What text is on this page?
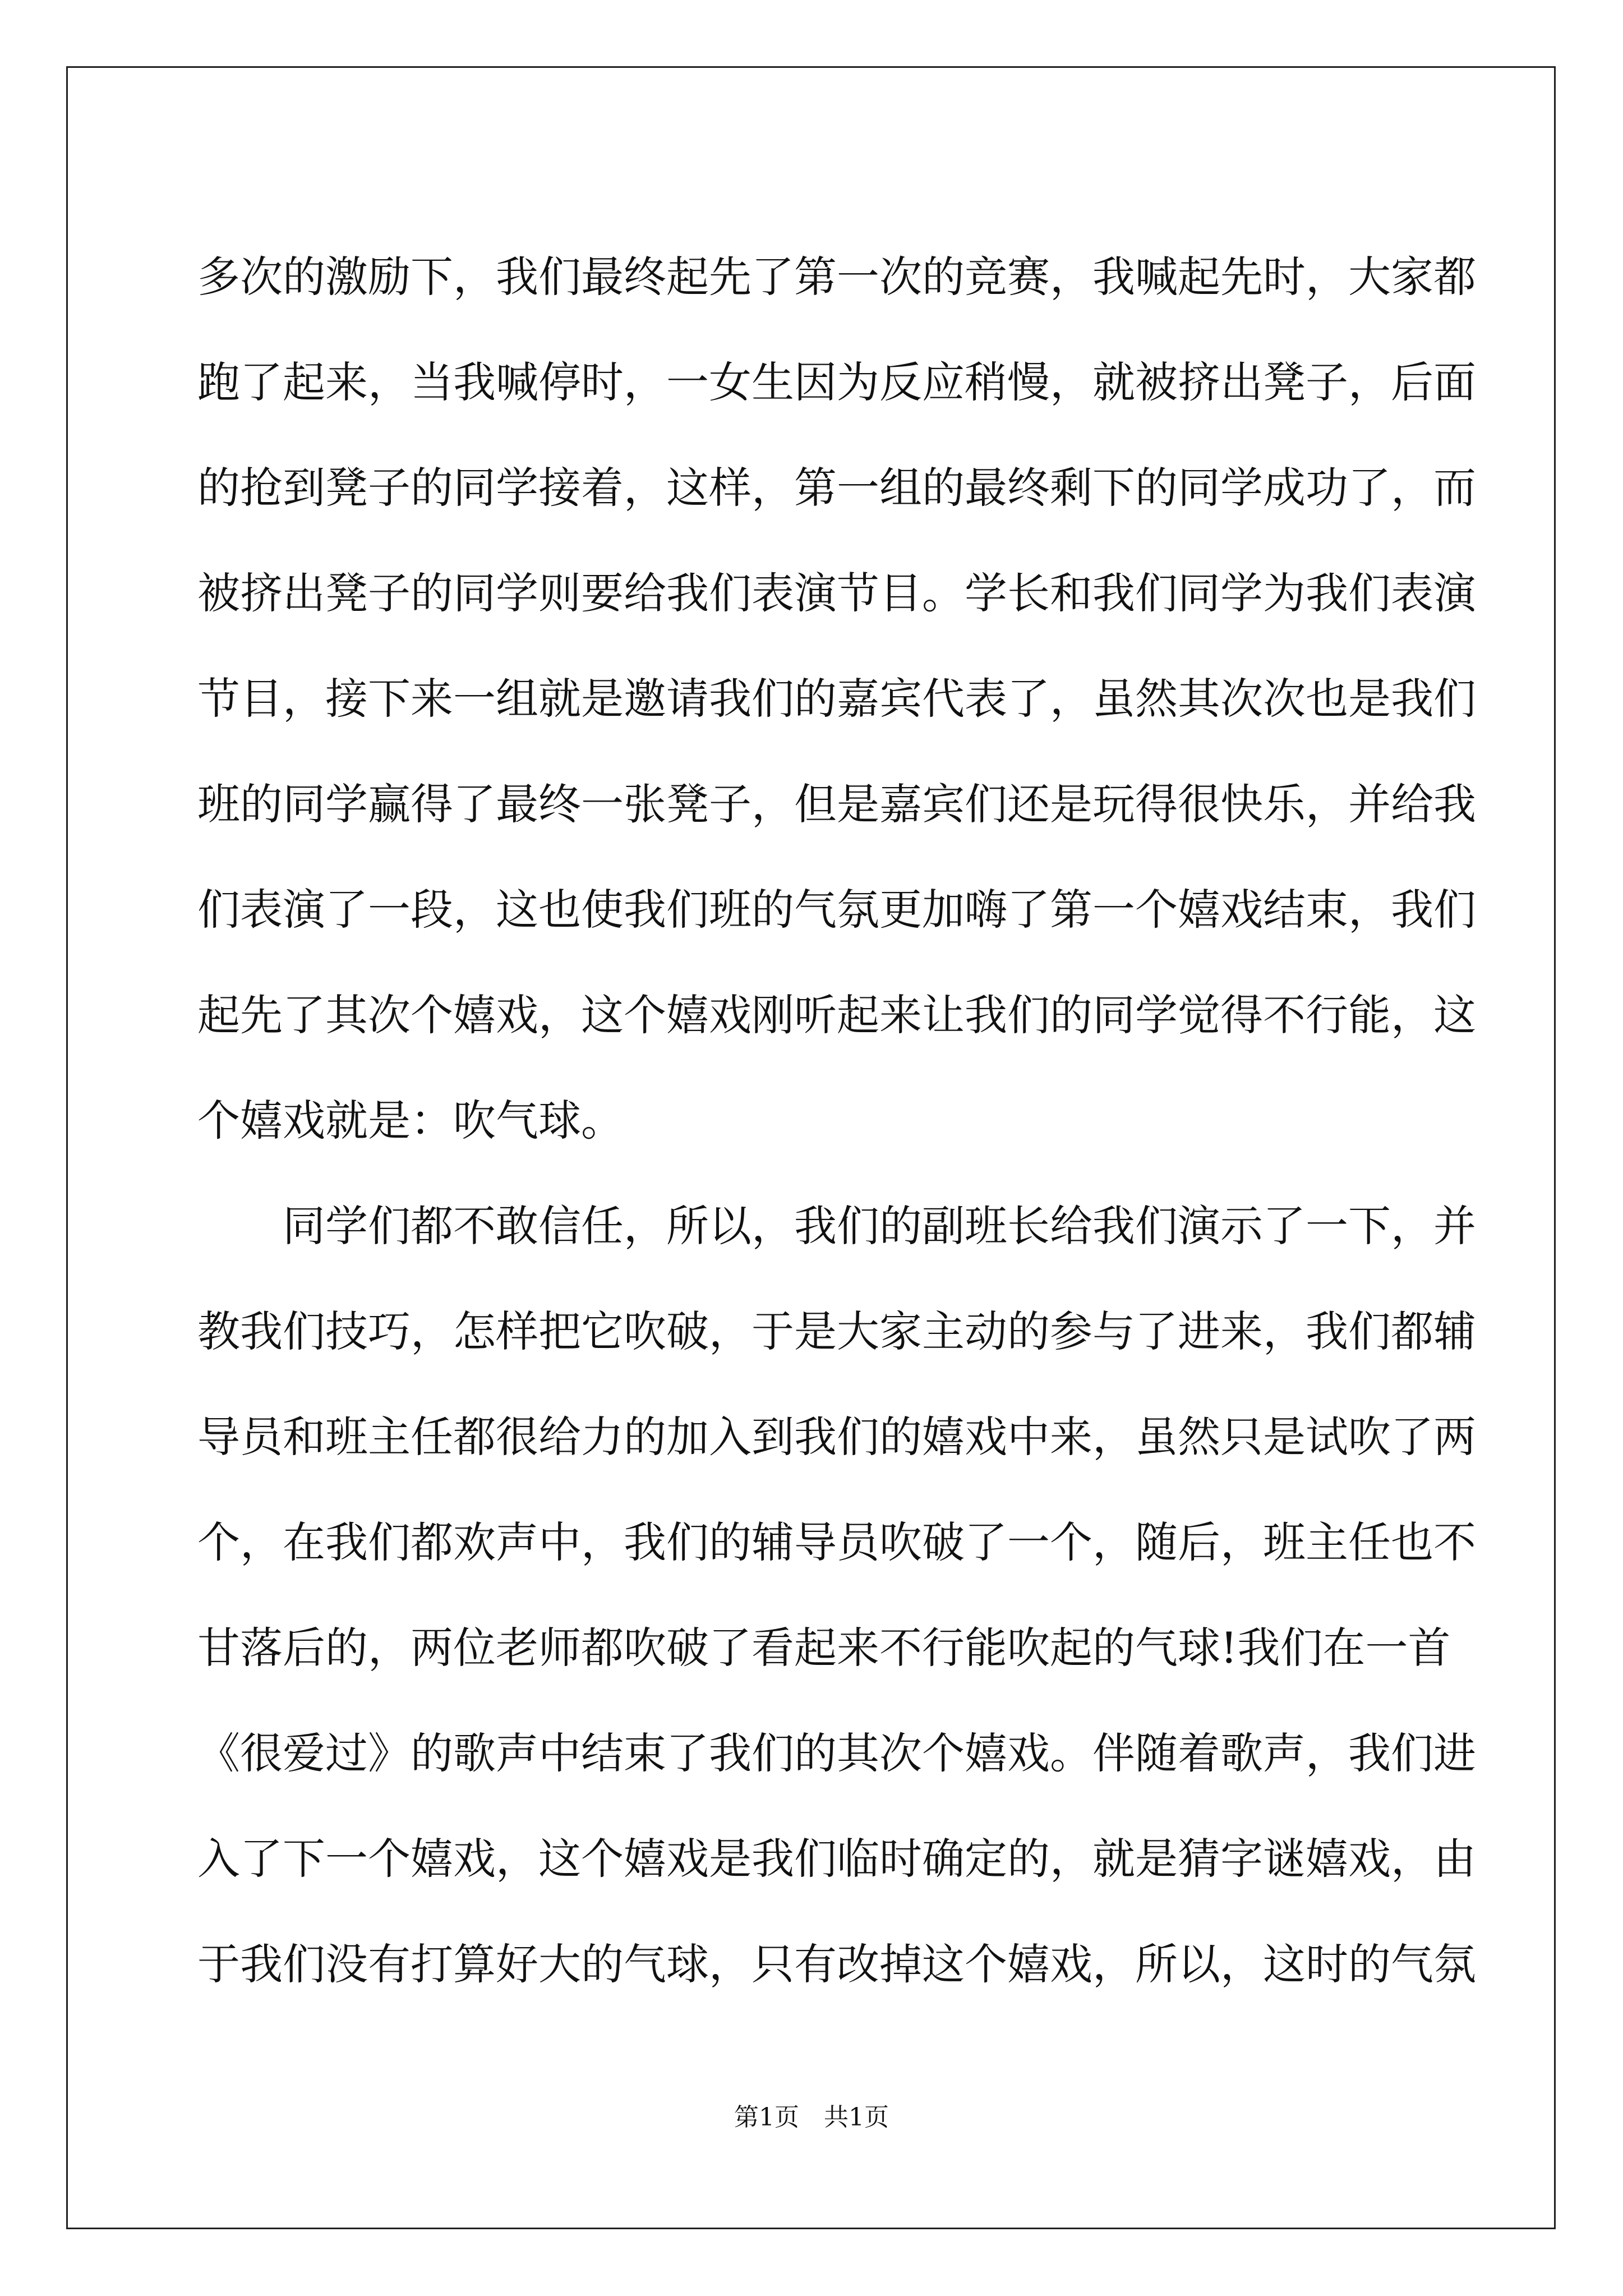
多次的激励下，我们最终起先了第一次的竞赛，我喊起先时，大家都
跑了起来，当我喊停时，一女生因为反应稍慢，就被挤出凳子，后面
的抢到凳子的同学接着，这样，第一组的最终剩下的同学成功了，而
被挤出凳子的同学则要给我们表演节目。学长和我们同学为我们表演
节目，接下来一组就是邀请我们的嘉宾代表了，虽然其次次也是我们
班的同学赢得了最终一张凳子，但是嘉宾们还是玩得很快乐，并给我
们表演了一段，这也使我们班的气氛更加嗨了第一个嬉戏结束，我们
起先了其次个嬉戏，这个嬉戏刚听起来让我们的同学觉得不行能，这
个嬉戏就是：吹气球。
同学们都不敢信任，所以，我们的副班长给我们演示了一下，并
教我们技巧，怎样把它吹破，于是大家主动的参与了进来，我们都辅
导员和班主任都很给力的加入到我们的嬉戏中来，虽然只是试吹了两
个，在我们都欢声中，我们的辅导员吹破了一个，随后，班主任也不
甘落后的，两位老师都吹破了看起来不行能吹起的气球!我们在一首
《很爱过》的歌声中结束了我们的其次个嬉戏。伴随着歌声，我们进
入了下一个嬉戏，这个嬉戏是我们临时确定的，就是猜字谜嬉戏，由
于我们没有打算好大的气球，只有改掉这个嬉戏，所以，这时的气氛
第1页 共1页
